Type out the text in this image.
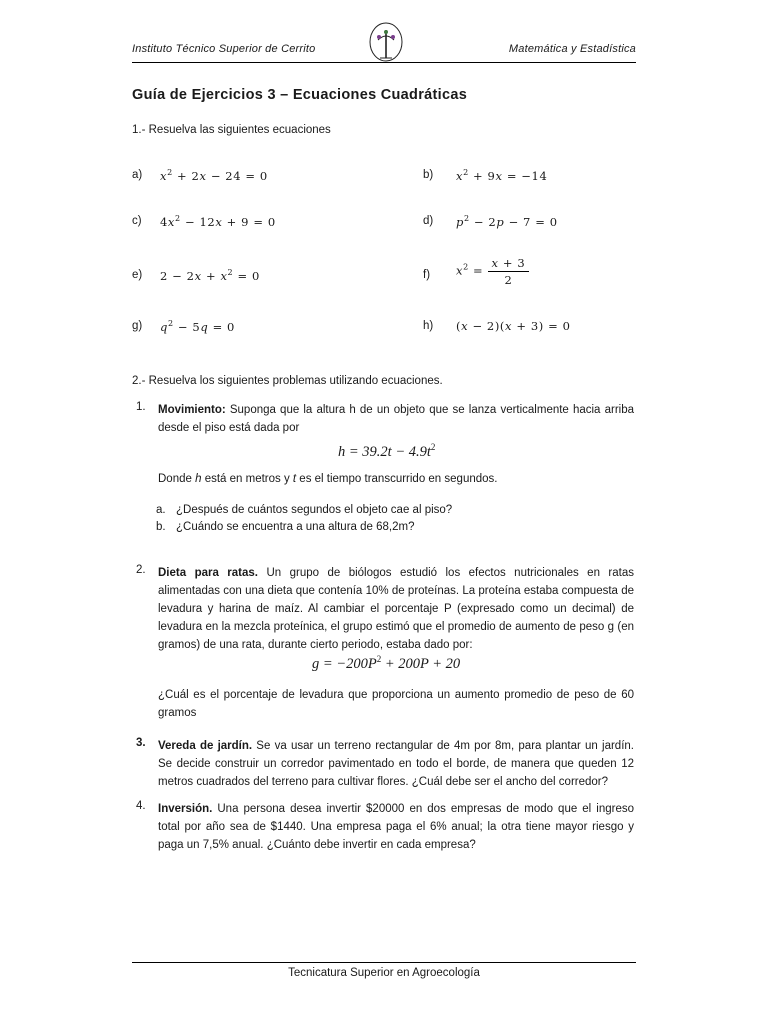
Instituto Técnico Superior de Cerrito	Matemática y Estadística
Guía de Ejercicios 3 – Ecuaciones Cuadráticas
1.- Resuelva las siguientes ecuaciones
a) $x^2 + 2x - 24 = 0$	b) $x^2 + 9x = -14$
c) $4x^2 - 12x + 9 = 0$	d) $p^2 - 2p - 7 = 0$
e) $2 - 2x + x^2 = 0$	f) $x^2 = \frac{x + 3}{2}$
g) $q^2 - 5q = 0$	h) (x − 2)(x + 3) = 0
2.- Resuelva los siguientes problemas utilizando ecuaciones.
1. Movimiento: Suponga que la altura h de un objeto que se lanza verticalmente hacia arriba desde el piso está dada por
$h = 39.2t - 4.9t^2$
Donde h está en metros y t es el tiempo transcurrido en segundos.
a. ¿Después de cuántos segundos el objeto cae al piso?
b. ¿Cuándo se encuentra a una altura de 68,2m?
2. Dieta para ratas. Un grupo de biólogos estudió los efectos nutricionales en ratas alimentadas con una dieta que contenía 10% de proteínas. La proteína estaba compuesta de levadura y harina de maíz. Al cambiar el porcentaje P (expresado como un decimal) de levadura en la mezcla proteínica, el grupo estimó que el promedio de aumento de peso g (en gramos) de una rata, durante cierto periodo, estaba dado por:
$g = -200P^2 + 200P + 20$
¿Cuál es el porcentaje de levadura que proporciona un aumento promedio de peso de 60 gramos
3. Vereda de jardín. Se va usar un terreno rectangular de 4m por 8m, para plantar un jardín. Se decide construir un corredor pavimentado en todo el borde, de manera que queden 12 metros cuadrados del terreno para cultivar flores. ¿Cuál debe ser el ancho del corredor?
4. Inversión. Una persona desea invertir $20000 en dos empresas de modo que el ingreso total por año sea de $1440. Una empresa paga el 6% anual; la otra tiene mayor riesgo y paga un 7,5% anual. ¿Cuánto debe invertir en cada empresa?
Tecnicatura Superior en Agroecología
